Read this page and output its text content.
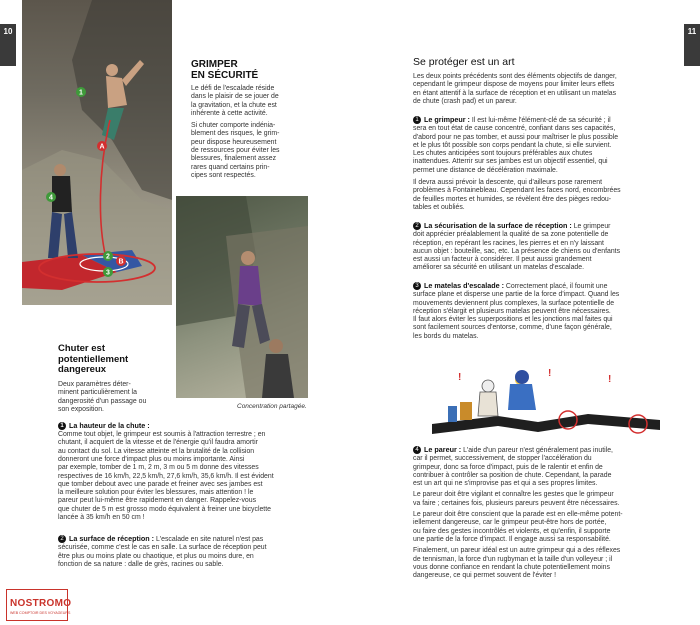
10	11
1
A
4
2
B
3
Concentration partagée.
GRIMPER
EN SÉCURITÉ
Le défi de l'escalade réside
dans le plaisir de se jouer de
la gravitation, et la chute est
inhérente à cette activité.
Si chuter comporte indénia-
blement des risques, le grim-
peur dispose heureusement
de ressources pour éviter les
blessures, finalement assez
rares quand certains prin-
cipes sont respectés.
Chuter est
potentiellement
dangereux
Deux paramètres déter-
minent particulièrement la
dangerosité d'un passage ou
son exposition.
1 La hauteur de la chute :
Comme tout objet, le grimpeur est soumis à l'attraction terrestre ; en
chutant, il acquiert de la vitesse et de l'énergie qu'il faudra amortir
au contact du sol. La vitesse atteinte et la brutalité de la collision
donneront une force d'impact plus ou moins importante. Ainsi
par exemple, tomber de 1 m, 2 m, 3 m ou 5 m donne des vitesses
respectives de 16 km/h, 22,5 km/h, 27,6 km/h, 35,6 km/h. Il est évident
que tomber debout avec une parade et freiner avec ses jambes est
la meilleure solution pour éviter les blessures, mais attention ! le
pareur peut lui-même être rapidement en danger. Rappelez-vous
que chuter de 5 m est grosso modo équivalent à freiner une bicyclette
lancée à 35 km/h en 50 cm !
2 La surface de réception : L'escalade en site naturel n'est pas
sécurisée, comme c'est le cas en salle. La surface de réception peut
être plus ou moins plate ou chaotique, et plus ou moins dure, en
fonction de sa nature : dalle de grès, racines ou sable.
NOSTROMO
WEB COMPTOIR DES VOYAGEURS
Se protéger est un art
Les deux points précédents sont des éléments objectifs de danger,
cependant le grimpeur dispose de moyens pour limiter leurs effets
en étant attentif à la surface de réception et en utilisant un matelas
de chute (crash pad) et un pareur.
1 Le grimpeur : Il est lui-même l'élément-clé de sa sécurité ; il
sera en tout état de cause concentré, confiant dans ses capacités,
d'abord pour ne pas tomber, et aussi pour maîtriser le plus possible
et le plus tôt possible son corps pendant la chute, si elle survient.
Les chutes anticipées sont toujours préférables aux chutes
inattendues. Atterrir sur ses jambes est un objectif essentiel, qui
permet une distance de décélération maximale.
Il devra aussi prévoir la descente, qui d'ailleurs pose rarement
problèmes à Fontainebleau. Cependant les faces nord, encombrées
de feuilles mortes et humides, se révèlent être des pièges redou-
tables et oubliés.
2 La sécurisation de la surface de réception : Le grimpeur
doit apprécier préalablement la qualité de sa zone potentielle de
réception, en repérant les racines, les pierres et en n'y laissant
aucun objet : bouteille, sac, etc. La présence de chiens ou d'enfants
est aussi un facteur à considérer. Il peut aussi grandement
améliorer sa sécurité en utilisant un matelas d'escalade.
3 Le matelas d'escalade : Correctement placé, il fournit une
surface plane et disperse une partie de la force d'impact. Quand les
mouvements deviennent plus complexes, la surface potentielle de
réception s'élargit et plusieurs matelas peuvent être nécessaires.
Il faut alors éviter les superpositions et les jonctions mal faites qui
sont facilement sources d'entorse, comme, d'une façon générale,
les bords du matelas.
!
!
!
4 Le pareur : L'aide d'un pareur n'est généralement pas inutile,
car il permet, successivement, de stopper l'accélération du
grimpeur, donc sa force d'impact, puis de le ralentir et enfin de
contribuer à contrôler sa position de chute. Cependant, la parade
est un art qui ne s'improvise pas et qui a ses propres limites.
Le pareur doit être vigilant et connaître les gestes que le grimpeur
va faire ; certaines fois, plusieurs pareurs peuvent être nécessaires.
Le pareur doit être conscient que la parade est en elle-même potent-
iellement dangereuse, car le grimpeur peut-être hors de portée,
ou faire des gestes incontrôlés et violents, et qu'enfin, il supporte
une partie de la force d'impact. Il engage aussi sa responsabilité.
Finalement, un pareur idéal est un autre grimpeur qui a des réflexes
de tennisman, la force d'un rugbyman et la taille d'un volleyeur ; il
vous donne confiance en rendant la chute potentiellement moins
dangereuse, ce qui permet souvent de l'éviter !
